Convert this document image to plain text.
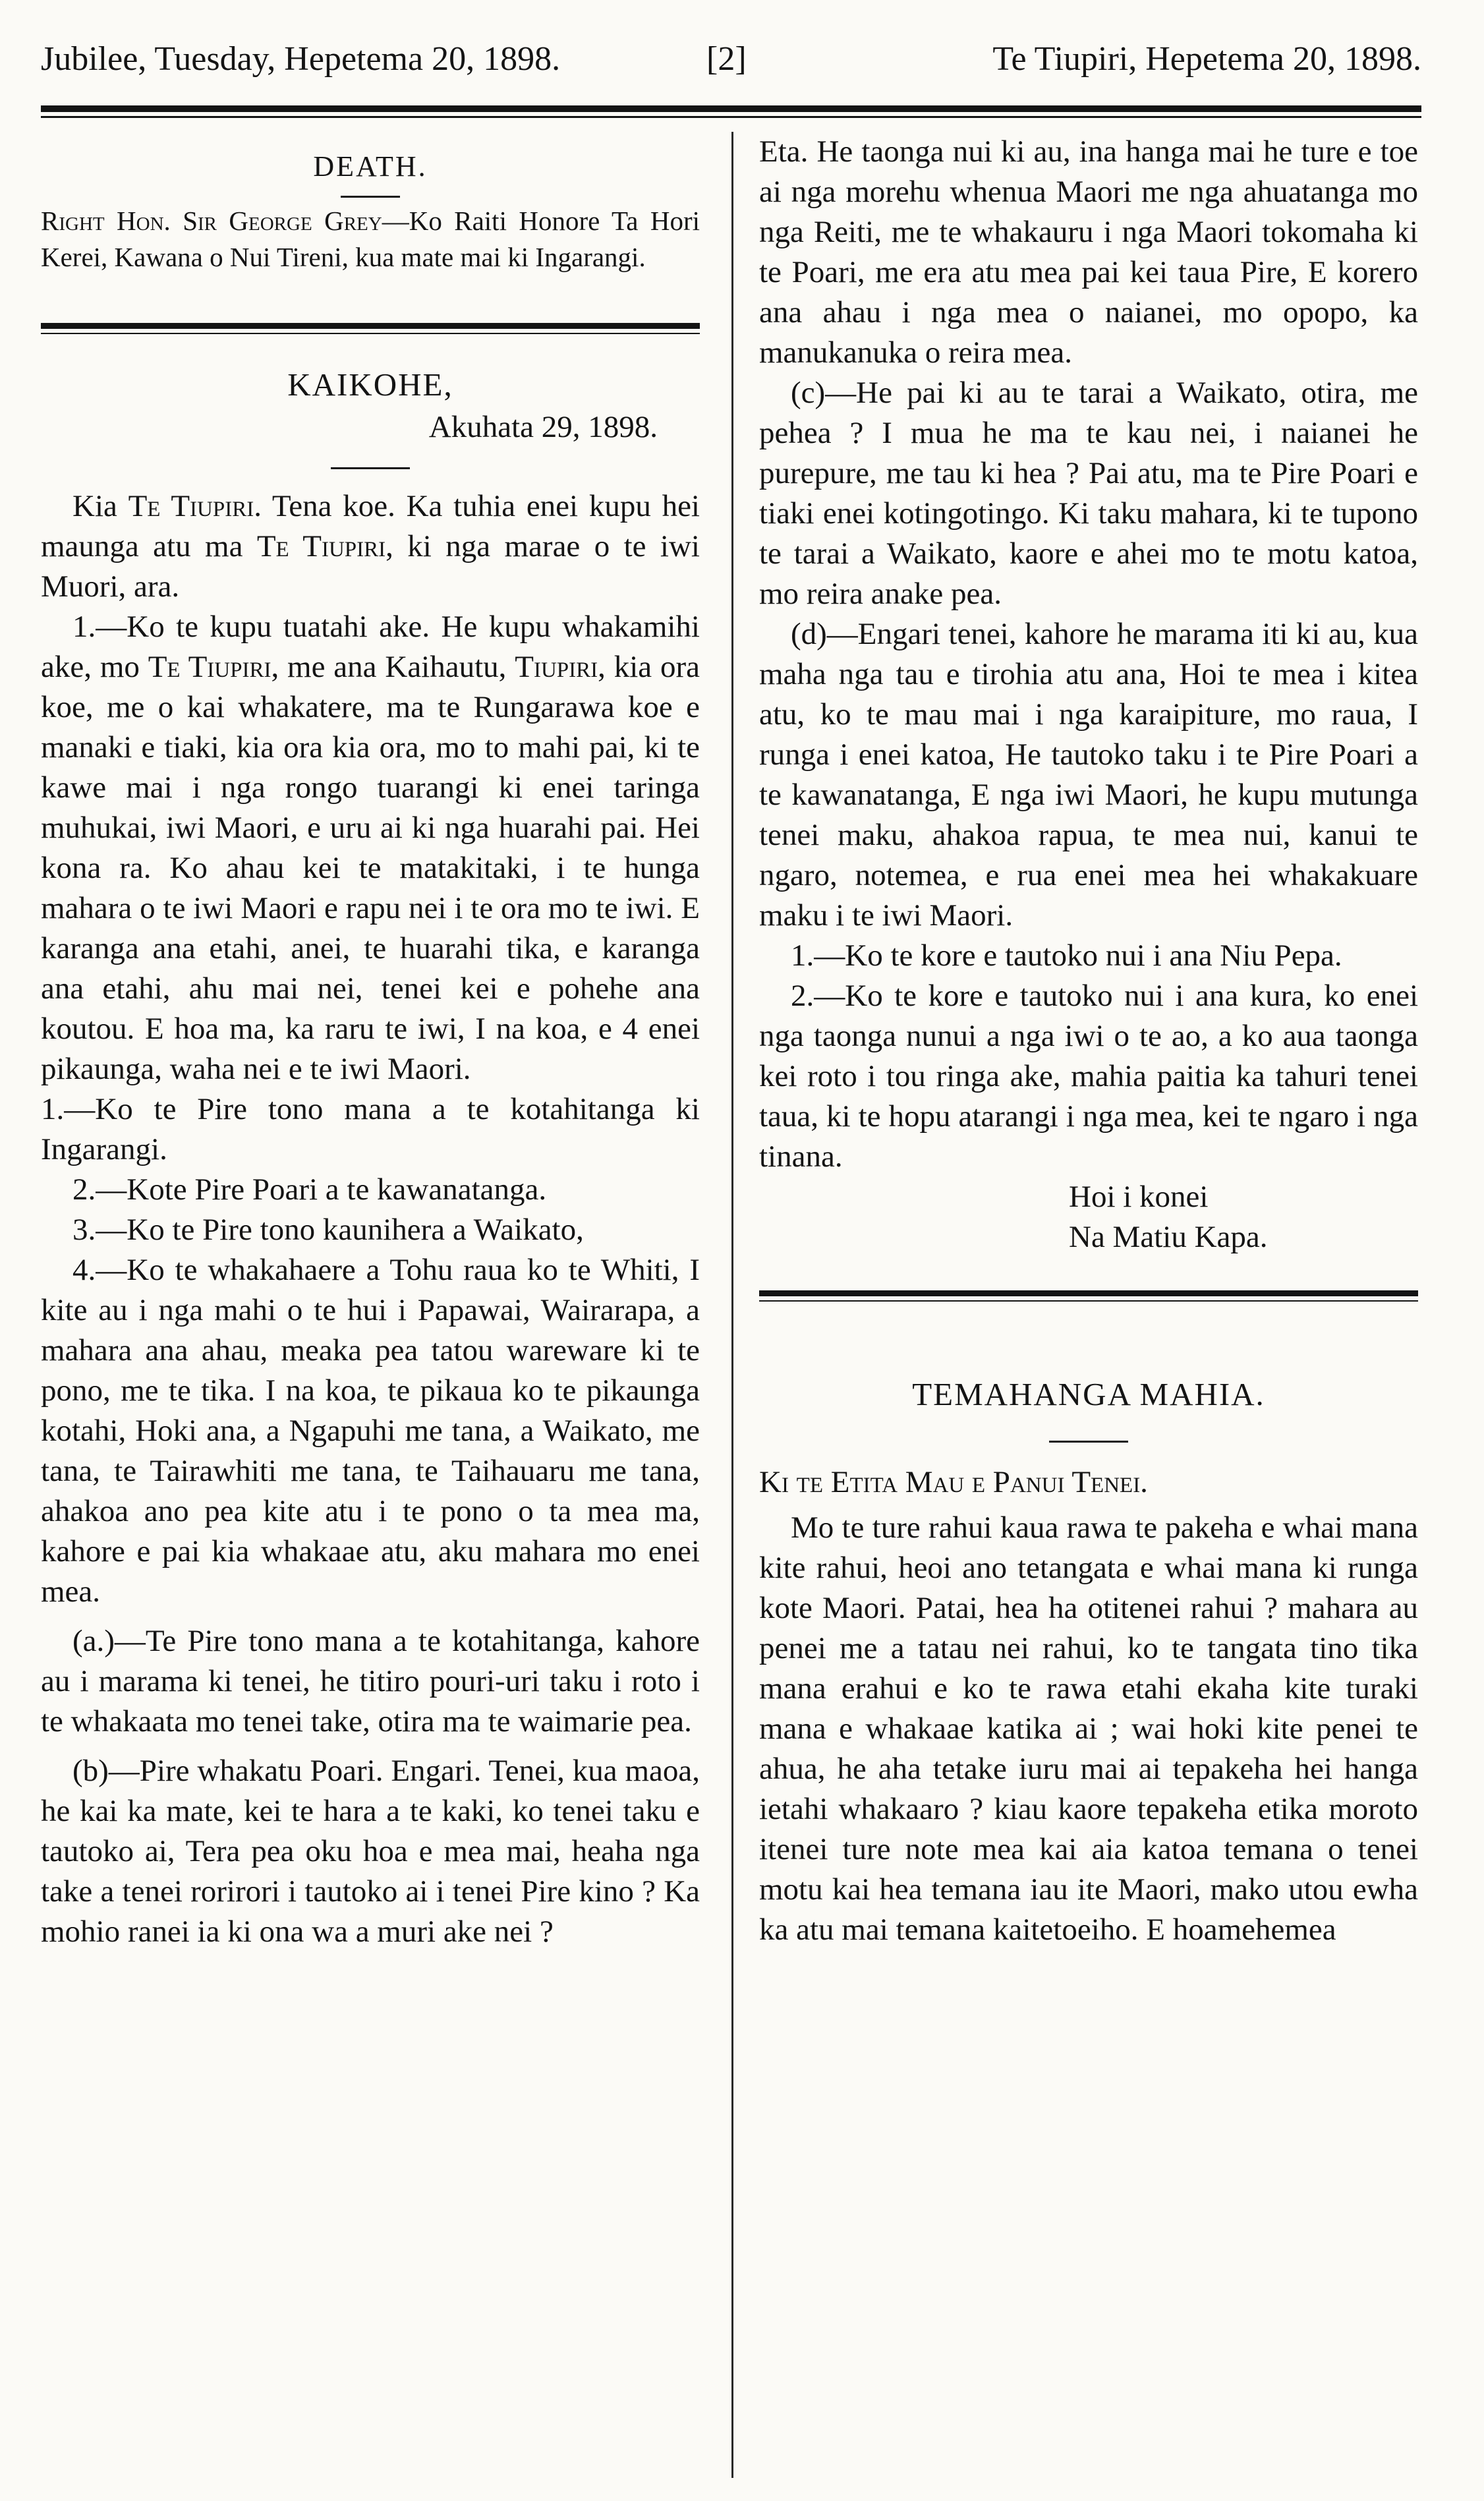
Jubilee, Tuesday, Hepetema 20, 1898.	[2]	Te Tiupiri, Hepetema 20, 1898.
DEATH.

Right Hon. Sir George Grey—Ko Raiti Honore Ta Hori Kerei, Kawana o Nui Tireni, kua mate mai ki Ingarangi.

KAIKOHE,
Akuhata 29, 1898.

Kia Te Tiupiri. Tena koe. Ka tuhia enei kupu hei maunga atu ma Te Tiupiri, ki nga marae o te iwi Muori, ara.

1.—Ko te kupu tuatahi ake. He kupu whakamihi ake, mo Te Tiupiri, me ana Kaihautu, Tiupiri, kia ora koe, me o kai whakatere, ma te Rungarawa koe e manaki e tiaki, kia ora kia ora, mo to mahi pai, ki te kawe mai i nga rongo tuarangi ki enei taringa muhukai, iwi Maori, e uru ai ki nga huarahi pai. Hei kona ra. Ko ahau kei te matakitaki, i te hunga mahara o te iwi Maori e rapu nei i te ora mo te iwi. E karanga ana etahi, anei, te huarahi tika, e karanga ana etahi, ahu mai nei, tenei kei e pohehe ana koutou. E hoa ma, ka raru te iwi, I na koa, e 4 enei pikaunga, waha nei e te iwi Maori.

1.—Ko te Pire tono mana a te kotahitanga ki Ingarangi.

2.—Kote Pire Poari a te kawanatanga.

3.—Ko te Pire tono kaunihera a Waikato,

4.—Ko te whakahaere a Tohu raua ko te Whiti, I kite au i nga mahi o te hui i Papawai, Wairarapa, a mahara ana ahau, meaka pea tatou wareware ki te pono, me te tika. I na koa, te pikaua ko te pikaunga kotahi, Hoki ana, a Ngapuhi me tana, a Waikato, me tana, te Tairawhiti me tana, te Taihauaru me tana, ahakoa ano pea kite atu i te pono o ta mea ma, kahore e pai kia whakaae atu, aku mahara mo enei mea.

(a.)—Te Pire tono mana a te kotahitanga, kahore au i marama ki tenei, he titiro pouri-uri taku i roto i te whakaata mo tenei take, otira ma te waimarie pea.

(b)—Pire whakatu Poari. Engari. Tenei, kua maoa, he kai ka mate, kei te hara a te kaki, ko tenei taku e tautoko ai, Tera pea oku hoa e mea mai, heaha nga take a tenei rorirori i tautoko ai i tenei Pire kino ? Ka mohio ranei ia ki ona wa a muri ake nei ?

Eta. He taonga nui ki au, ina hanga mai he ture e toe ai nga morehu whenua Maori me nga ahuatanga mo nga Reiti, me te whakauru i nga Maori tokomaha ki te Poari, me era atu mea pai kei taua Pire, E korero ana ahau i nga mea o naianei, mo opopo, ka manukanuka o reira mea.

(c)—He pai ki au te tarai a Waikato, otira, me pehea ? I mua he ma te kau nei, i naianei he purepure, me tau ki hea ? Pai atu, ma te Pire Poari e tiaki enei kotingotingo. Ki taku mahara, ki te tupono te tarai a Waikato, kaore e ahei mo te motu katoa, mo reira anake pea.

(d)—Engari tenei, kahore he marama iti ki au, kua maha nga tau e tirohia atu ana, Hoi te mea i kitea atu, ko te mau mai i nga karaipiture, mo raua, I runga i enei katoa, He tautoko taku i te Pire Poari a te kawanatanga, E nga iwi Maori, he kupu mutunga tenei maku, ahakoa rapua, te mea nui, kanui te ngaro, notemea, e rua enei mea hei whakakuare maku i te iwi Maori.

1.—Ko te kore e tautoko nui i ana Niu Pepa.

2.—Ko te kore e tautoko nui i ana kura, ko enei nga taonga nunui a nga iwi o te ao, a ko aua taonga kei roto i tou ringa ake, mahia paitia ka tahuri tenei taua, ki te hopu atarangi i nga mea, kei te ngaro i nga tinana.

Hoi i konei

Na Matiu Kapa.

TEMAHANGA MAHIA.

Ki te Etita Mau e Panui Tenei.

Mo te ture rahui kaua rawa te pakeha e whai mana kite rahui, heoi ano tetangata e whai mana ki runga kote Maori. Patai, hea ha otitenei rahui ? mahara au penei me a tatau nei rahui, ko te tangata tino tika mana erahui e ko te rawa etahi ekaha kite turaki mana e whakaae katika ai ; wai hoki kite penei te ahua, he aha tetake iuru mai ai tepakeha hei hanga ietahi whakaaro ? kiau kaore tepakeha etika moroto itenei ture note mea kai aia katoa temana o tenei motu kai hea temana iau ite Maori, mako utou ewha ka atu mai temana kaitetoeiho. E hoamehemea
